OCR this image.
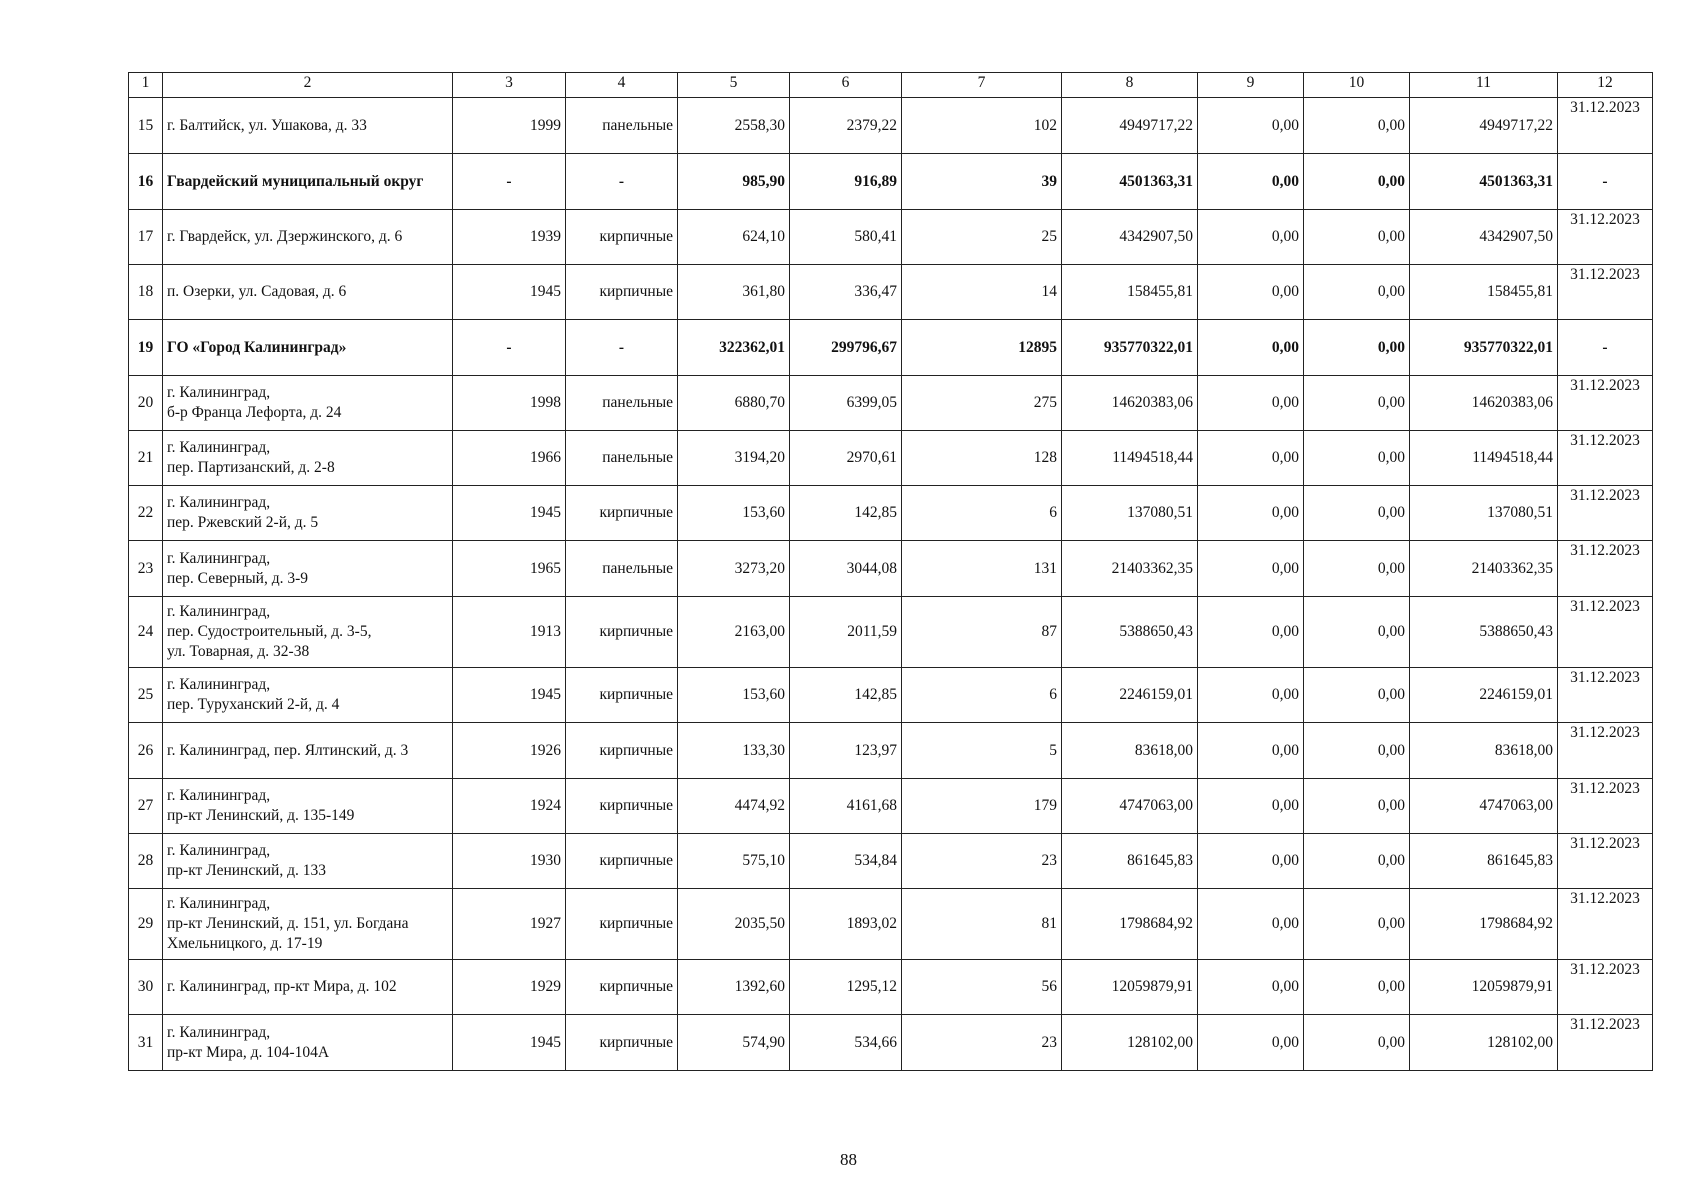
1	2	3	4	5	6	7	8	9	10	11	12
15	г. Балтийск, ул. Ушакова, д. 33	1999	панельные	2558,30	2379,22	102	4949717,22	0,00	0,00	4949717,22	31.12.2023
16	Гвардейский муниципальный округ	-	-	985,90	916,89	39	4501363,31	0,00	0,00	4501363,31	-
17	г. Гвардейск, ул. Дзержинского, д. 6	1939	кирпичные	624,10	580,41	25	4342907,50	0,00	0,00	4342907,50	31.12.2023
18	п. Озерки, ул. Садовая, д. 6	1945	кирпичные	361,80	336,47	14	158455,81	0,00	0,00	158455,81	31.12.2023
19	ГО «Город Калининград»	-	-	322362,01	299796,67	12895	935770322,01	0,00	0,00	935770322,01	-
20	г. Калининград,
б-р Франца Лефорта, д. 24	1998	панельные	6880,70	6399,05	275	14620383,06	0,00	0,00	14620383,06	31.12.2023
21	г. Калининград,
пер. Партизанский, д. 2-8	1966	панельные	3194,20	2970,61	128	11494518,44	0,00	0,00	11494518,44	31.12.2023
22	г. Калининград,
пер. Ржевский 2-й, д. 5	1945	кирпичные	153,60	142,85	6	137080,51	0,00	0,00	137080,51	31.12.2023
23	г. Калининград,
пер. Северный, д. 3-9	1965	панельные	3273,20	3044,08	131	21403362,35	0,00	0,00	21403362,35	31.12.2023
24	г. Калининград,
пер. Судостроительный, д. 3-5,
ул. Товарная, д. 32-38	1913	кирпичные	2163,00	2011,59	87	5388650,43	0,00	0,00	5388650,43	31.12.2023
25	г. Калининград,
пер. Туруханский 2-й, д. 4	1945	кирпичные	153,60	142,85	6	2246159,01	0,00	0,00	2246159,01	31.12.2023
26	г. Калининград, пер. Ялтинский, д. 3	1926	кирпичные	133,30	123,97	5	83618,00	0,00	0,00	83618,00	31.12.2023
27	г. Калининград,
пр-кт Ленинский, д. 135-149	1924	кирпичные	4474,92	4161,68	179	4747063,00	0,00	0,00	4747063,00	31.12.2023
28	г. Калининград,
пр-кт Ленинский, д. 133	1930	кирпичные	575,10	534,84	23	861645,83	0,00	0,00	861645,83	31.12.2023
29	г. Калининград,
пр-кт Ленинский, д. 151, ул. Богдана
Хмельницкого, д. 17-19	1927	кирпичные	2035,50	1893,02	81	1798684,92	0,00	0,00	1798684,92	31.12.2023
30	г. Калининград, пр-кт Мира, д. 102	1929	кирпичные	1392,60	1295,12	56	12059879,91	0,00	0,00	12059879,91	31.12.2023
31	г. Калининград,
пр-кт Мира, д. 104-104А	1945	кирпичные	574,90	534,66	23	128102,00	0,00	0,00	128102,00	31.12.2023
88
